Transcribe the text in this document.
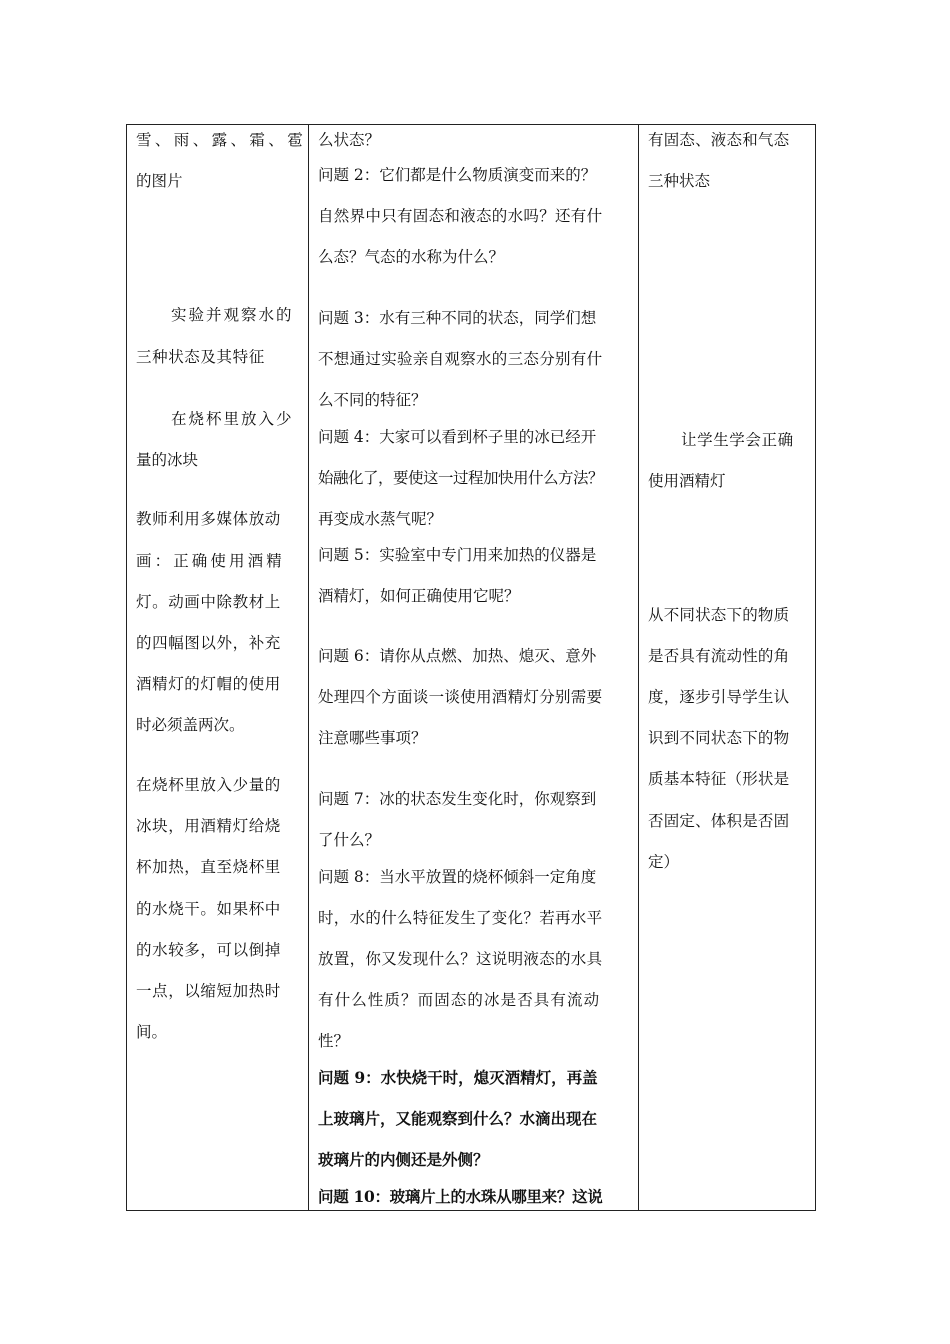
雪、雨、露、霜、雹
的图片
实验并观察水的
三种状态及其特征
在烧杯里放入少
量的冰块
教师利用多媒体放动
画：正确使用酒精
灯。动画中除教材上
的四幅图以外，补充
酒精灯的灯帽的使用
时必须盖两次。
在烧杯里放入少量的
冰块，用酒精灯给烧
杯加热，直至烧杯里
的水烧干。如果杯中
的水较多，可以倒掉
一点，以缩短加热时
间。
么状态？
问题 2：它们都是什么物质演变而来的？
自然界中只有固态和液态的水吗？还有什
么态？气态的水称为什么？
问题 3：水有三种不同的状态，同学们想
不想通过实验亲自观察水的三态分别有什
么不同的特征？
问题 4：大家可以看到杯子里的冰已经开
始融化了，要使这一过程加快用什么方法？
再变成水蒸气呢？
问题 5：实验室中专门用来加热的仪器是
酒精灯，如何正确使用它呢？
问题 6：请你从点燃、加热、熄灭、意外
处理四个方面谈一谈使用酒精灯分别需要
注意哪些事项？
问题 7：冰的状态发生变化时，你观察到
了什么？
问题 8：当水平放置的烧杯倾斜一定角度
时，水的什么特征发生了变化？若再水平
放置，你又发现什么？这说明液态的水具
有什么性质？而固态的冰是否具有流动
性？
问题 9：水快烧干时，熄灭酒精灯，再盖
上玻璃片，又能观察到什么？水滴出现在
玻璃片的内侧还是外侧？
问题 10：玻璃片上的水珠从哪里来？这说
有固态、液态和气态
三种状态
让学生学会正确
使用酒精灯
从不同状态下的物质
是否具有流动性的角
度，逐步引导学生认
识到不同状态下的物
质基本特征（形状是
否固定、体积是否固
定）
